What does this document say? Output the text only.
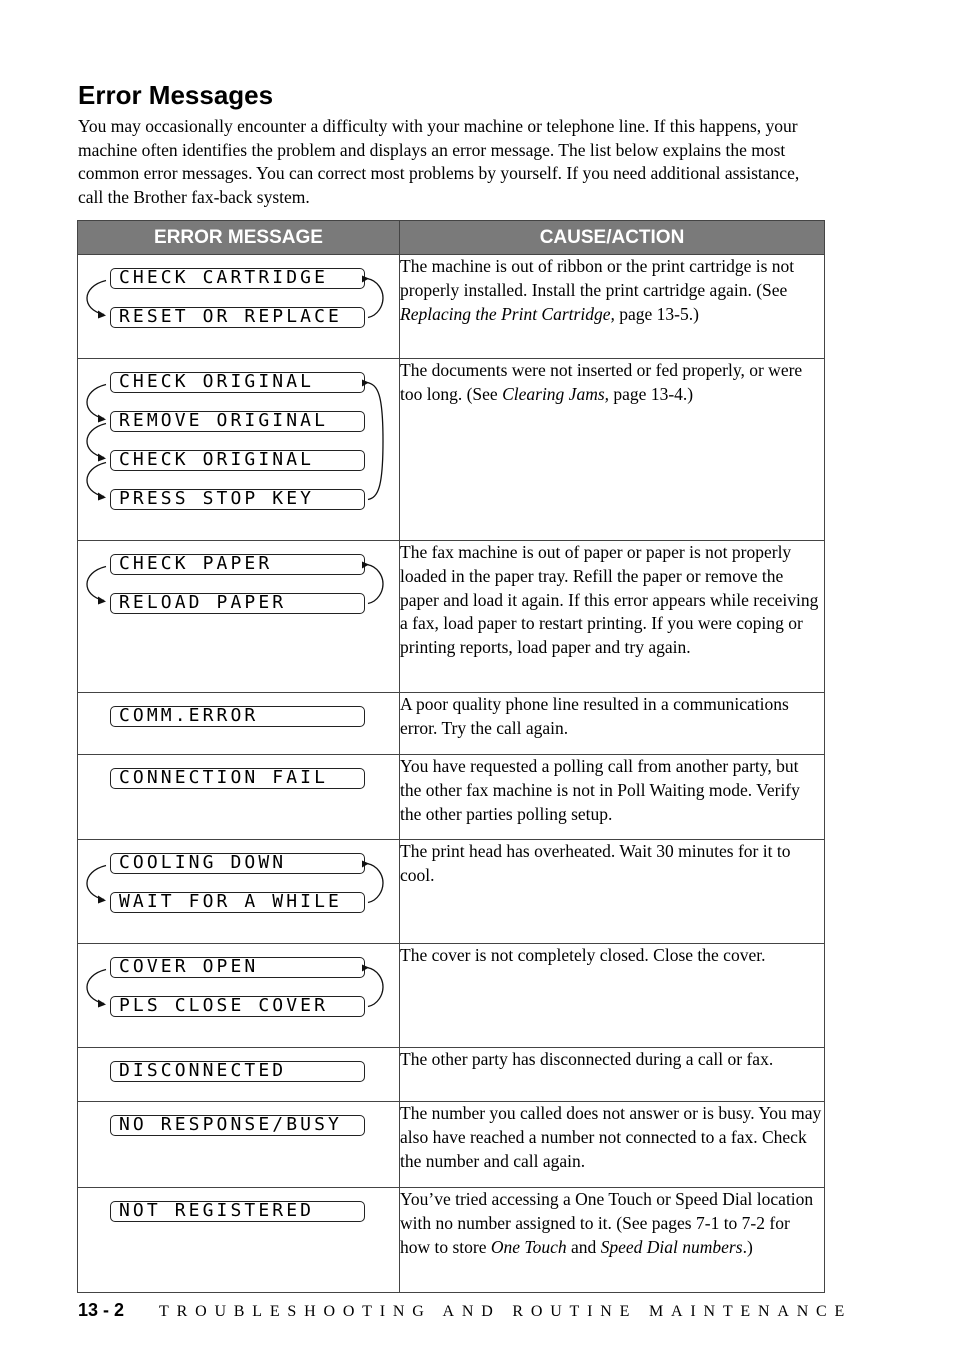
Error Messages

You may occasionally encounter a difficulty with your machine or telephone line. If this happens, your machine often identifies the problem and displays an error message. The list below explains the most common error messages. You can correct most problems by yourself. If you need additional assistance, call the Brother fax-back system.

ERROR MESSAGE	CAUSE/ACTION

CHECK CARTRIDGE
RESET OR REPLACE	The machine is out of ribbon or the print cartridge is not properly installed. Install the print cartridge again. (See Replacing the Print Cartridge, page 13-5.)

CHECK ORIGINAL
REMOVE ORIGINAL
CHECK ORIGINAL
PRESS STOP KEY	The documents were not inserted or fed properly, or were too long. (See Clearing Jams, page 13-4.)

CHECK PAPER
RELOAD PAPER	The fax machine is out of paper or paper is not properly loaded in the paper tray. Refill the paper or remove the paper and load it again. If this error appears while receiving a fax, load paper to restart printing. If you were coping or printing reports, load paper and try again.

COMM.ERROR	A poor quality phone line resulted in a communications error. Try the call again.

CONNECTION FAIL	You have requested a polling call from another party, but the other fax machine is not in Poll Waiting mode. Verify the other parties polling setup.

COOLING DOWN
WAIT FOR A WHILE	The print head has overheated. Wait 30 minutes for it to cool.

COVER OPEN
PLS CLOSE COVER	The cover is not completely closed. Close the cover.

DISCONNECTED	The other party has disconnected during a call or fax.

NO RESPONSE/BUSY	The number you called does not answer or is busy. You may also have reached a number not connected to a fax. Check the number and call again.

NOT REGISTERED	You’ve tried accessing a One Touch or Speed Dial location with no number assigned to it. (See pages 7-1 to 7-2 for how to store One Touch and Speed Dial numbers.)
13 - 2 TROUBLESHOOTING AND ROUTINE MAINTENANCE
